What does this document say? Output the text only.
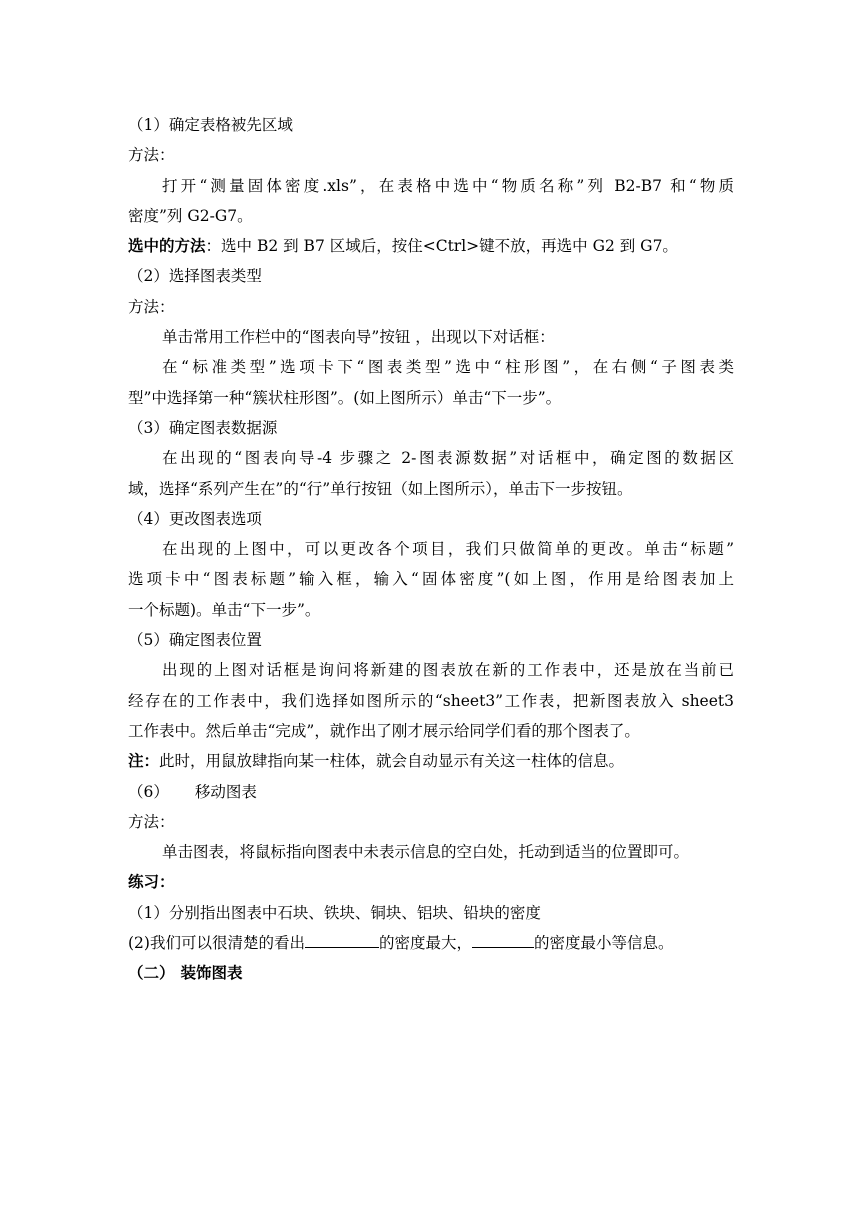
（1）确定表格被先区域
方法：
打开“测量固体密度.xls”，在表格中选中“物质名称”列 B2-B7 和“物质
密度”列 G2-G7。
选中的方法：选中 B2 到 B7 区域后，按住<Ctrl>键不放，再选中 G2 到 G7。
（2）选择图表类型
方法：
单击常用工作栏中的“图表向导”按钮 ，出现以下对话框：
在“标准类型”选项卡下“图表类型”选中“柱形图”，在右侧“子图表类
型”中选择第一种“簇状柱形图”。(如上图所示）单击“下一步”。
（3）确定图表数据源
在出现的“图表向导-4 步骤之 2-图表源数据”对话框中，确定图的数据区
域，选择“系列产生在”的“行”单行按钮（如上图所示），单击下一步按钮。
（4）更改图表选项
在出现的上图中，可以更改各个项目，我们只做简单的更改。单击“标题”
选项卡中“图表标题”输入框，输入“固体密度”(如上图，作用是给图表加上
一个标题)。单击“下一步”。
（5）确定图表位置
出现的上图对话框是询问将新建的图表放在新的工作表中，还是放在当前已
经存在的工作表中，我们选择如图所示的“sheet3”工作表，把新图表放入 sheet3
工作表中。然后单击“完成”，就作出了刚才展示给同学们看的那个图表了。
注：此时，用鼠放肆指向某一柱体，就会自动显示有关这一柱体的信息。
（6） 移动图表
方法：
单击图表，将鼠标指向图表中未表示信息的空白处，托动到适当的位置即可。
练习：
（1）分别指出图表中石块、铁块、铜块、铝块、铅块的密度
(2)我们可以很清楚的看出	的密度最大，	的密度最小等信息。
（二） 装饰图表
